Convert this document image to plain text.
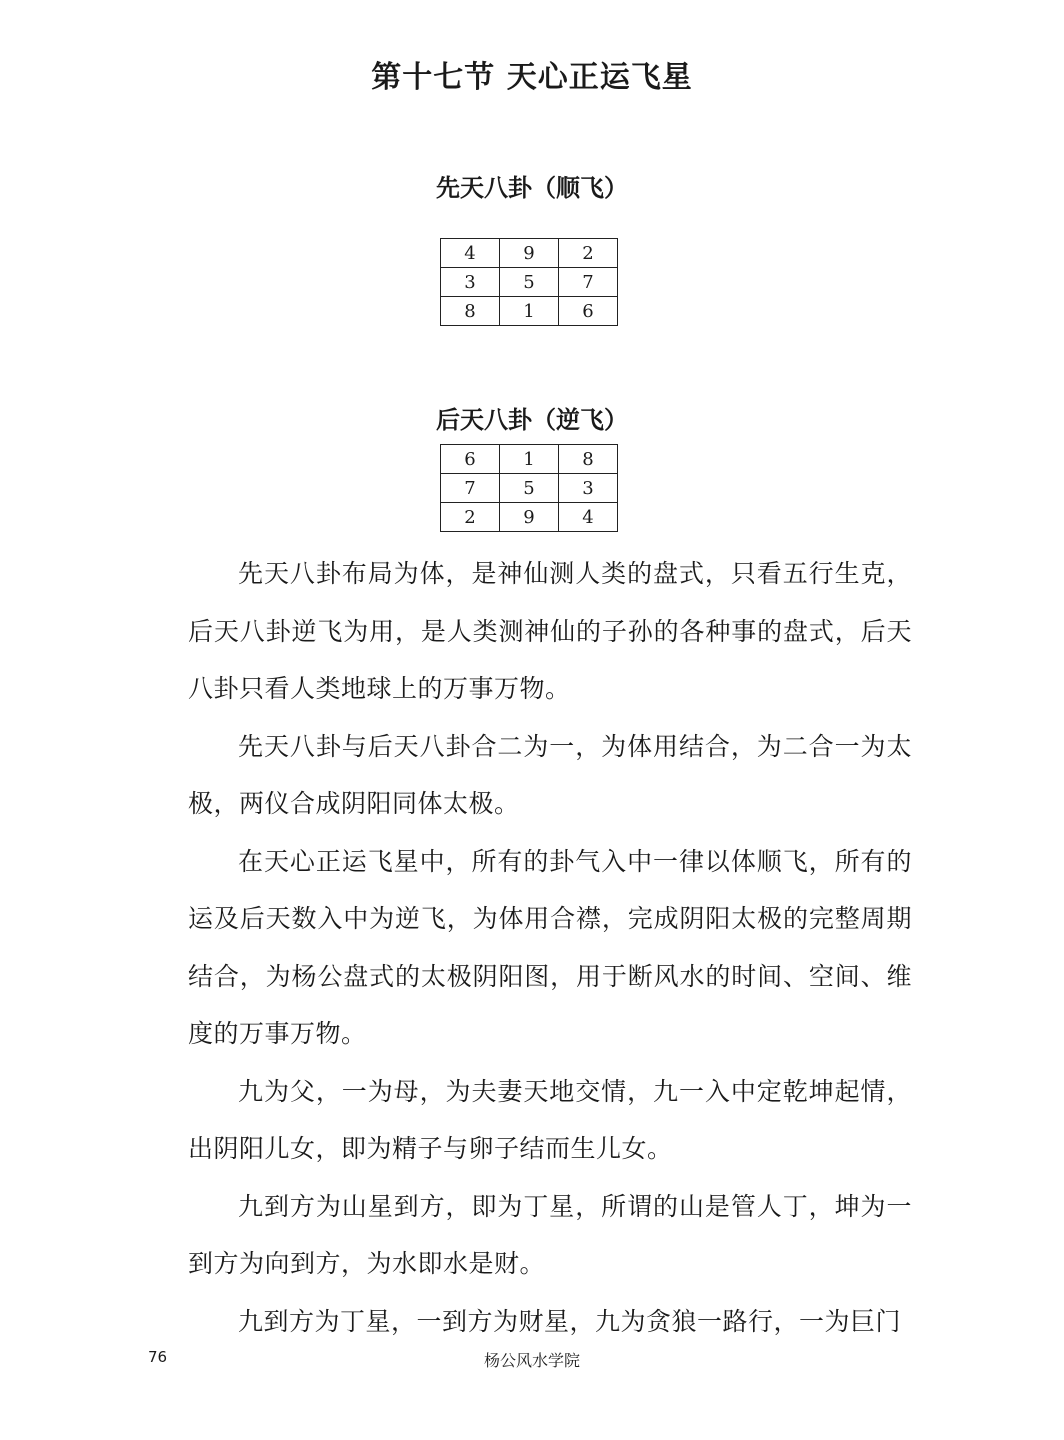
第十七节 天心正运飞星
先天八卦（顺飞）
4	9	2
3	5	7
8	1	6
后天八卦（逆飞）
6	1	8
7	5	3
2	9	4

先天八卦布局为体，是神仙测人类的盘式，只看五行生克，后天八卦逆飞为用，是人类测神仙的子孙的各种事的盘式，后天八卦只看人类地球上的万事万物。

先天八卦与后天八卦合二为一，为体用结合，为二合一为太极，两仪合成阴阳同体太极。

在天心正运飞星中，所有的卦气入中一律以体顺飞，所有的运及后天数入中为逆飞，为体用合襟，完成阴阳太极的完整周期结合，为杨公盘式的太极阴阳图，用于断风水的时间、空间、维度的万事万物。

九为父，一为母，为夫妻天地交情，九一入中定乾坤起情，出阴阳儿女，即为精子与卵子结而生儿女。

九到方为山星到方，即为丁星，所谓的山是管人丁，坤为一到方为向到方，为水即水是财。

九到方为丁星，一到方为财星，九为贪狼一路行，一为巨门

76	杨公风水学院
